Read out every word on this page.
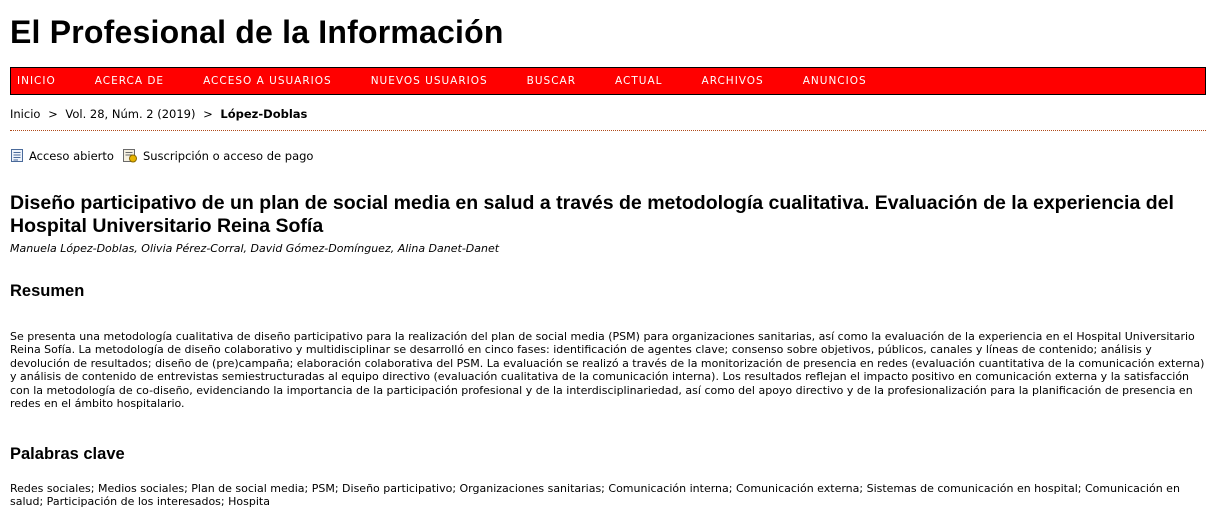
El Profesional de la Información
INICIO	ACERCA DE	ACCESO A USUARIOS	NUEVOS USUARIOS	BUSCAR	ACTUAL	ARCHIVOS	ANUNCIOS
Inicio > Vol. 28, Núm. 2 (2019) > López-Doblas
Acceso abierto	Suscripción o acceso de pago
Diseño participativo de un plan de social media en salud a través de metodología cualitativa. Evaluación de la experiencia del Hospital Universitario Reina Sofía
Manuela López-Doblas, Olivia Pérez-Corral, David Gómez-Domínguez, Alina Danet-Danet
Resumen

Se presenta una metodología cualitativa de diseño participativo para la realización del plan de social media (PSM) para organizaciones sanitarias, así como la evaluación de la experiencia en el Hospital Universitario Reina Sofía. La metodología de diseño colaborativo y multidisciplinar se desarrolló en cinco fases: identificación de agentes clave; consenso sobre objetivos, públicos, canales y líneas de contenido; análisis y devolución de resultados; diseño de (pre)campaña; elaboración colaborativa del PSM. La evaluación se realizó a través de la monitorización de presencia en redes (evaluación cuantitativa de la comunicación externa) y análisis de contenido de entrevistas semiestructuradas al equipo directivo (evaluación cualitativa de la comunicación interna). Los resultados reflejan el impacto positivo en comunicación externa y la satisfacción con la metodología de co-diseño, evidenciando la importancia de la participación profesional y de la interdisciplinariedad, así como del apoyo directivo y de la profesionalización para la planificación de presencia en redes en el ámbito hospitalario.

Palabras clave

Redes sociales; Medios sociales; Plan de social media; PSM; Diseño participativo; Organizaciones sanitarias; Comunicación interna; Comunicación externa; Sistemas de comunicación en hospital; Comunicación en salud; Participación de los interesados; Hospita
